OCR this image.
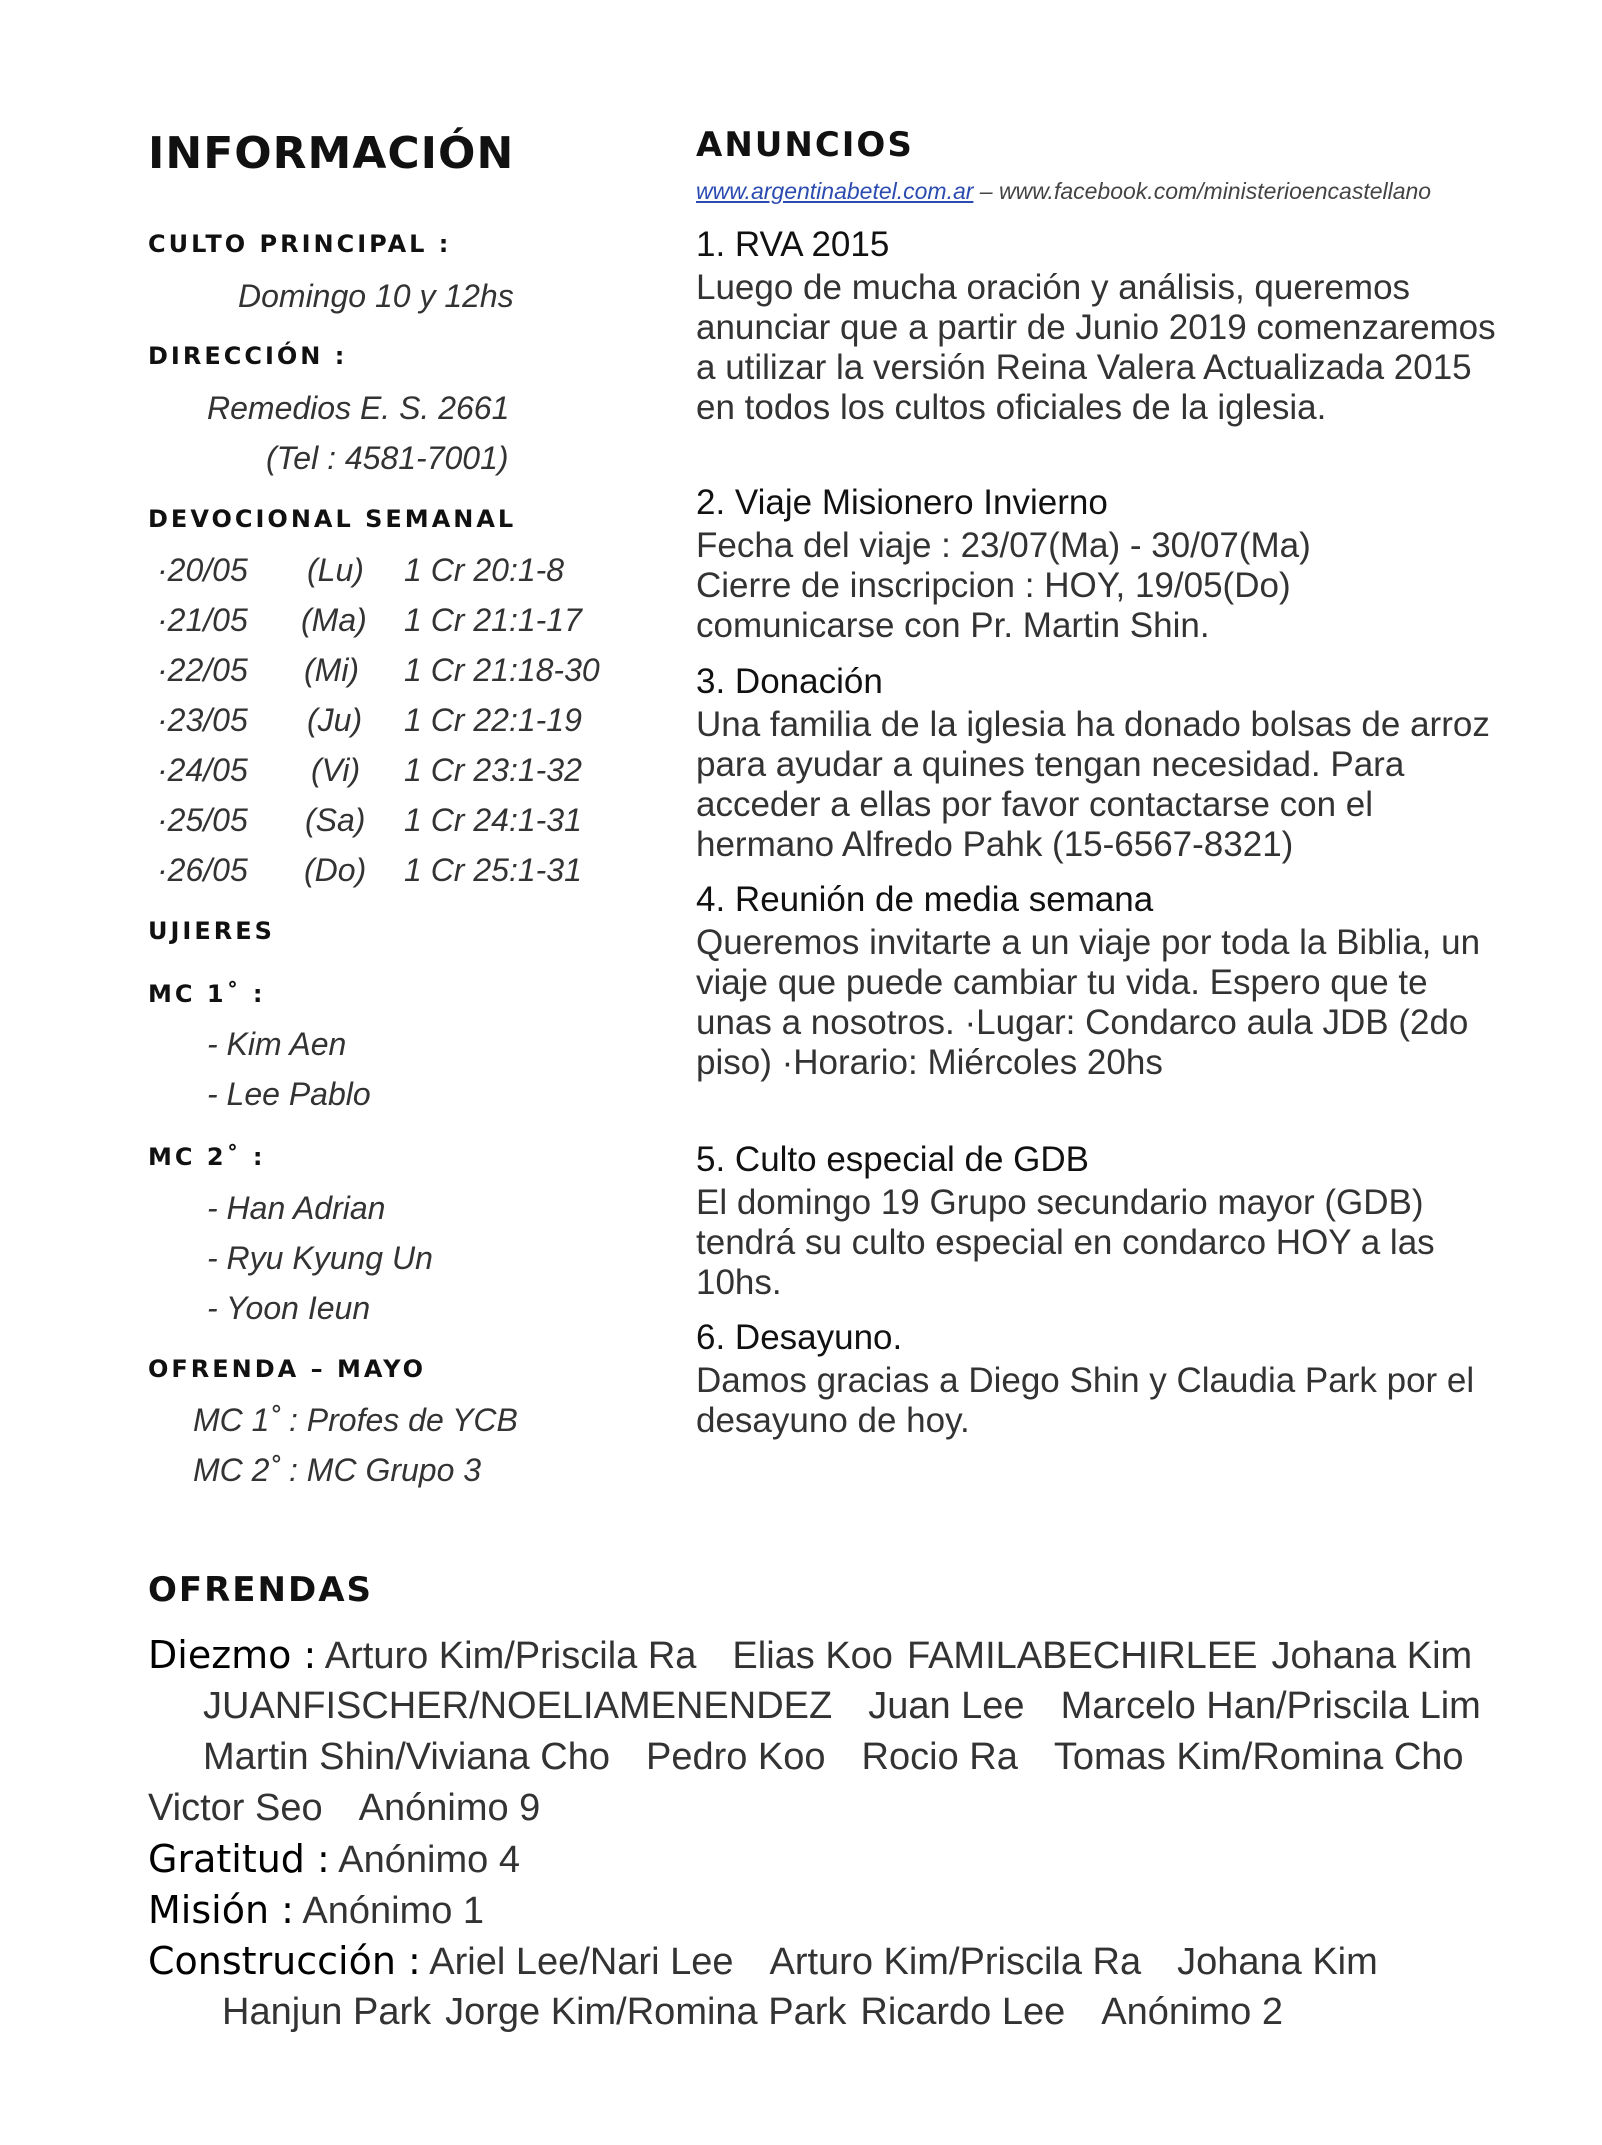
INFORMACIÓN
CULTO PRINCIPAL :
Domingo 10 y 12hs
DIRECCIÓN :
Remedios E. S. 2661
(Tel : 4581-7001)
DEVOCIONAL SEMANAL
·20/05 (Lu) 1 Cr 20:1-8
·21/05 (Ma) 1 Cr 21:1-17
·22/05 (Mi) 1 Cr 21:18-30
·23/05 (Ju) 1 Cr 22:1-19
·24/05 (Vi) 1 Cr 23:1-32
·25/05 (Sa) 1 Cr 24:1-31
·26/05 (Do) 1 Cr 25:1-31
UJIERES
MC 1˚ :
- Kim Aen
- Lee Pablo
MC 2˚ :
- Han Adrian
- Ryu Kyung Un
- Yoon Ieun
OFRENDA – MAYO
MC 1˚ : Profes de YCB
MC 2˚ : MC Grupo 3
ANUNCIOS
www.argentinabetel.com.ar – www.facebook.com/ministerioencastellano
1. RVA 2015
Luego de mucha oración y análisis, queremos anunciar que a partir de Junio 2019 comenzaremos a utilizar la versión Reina Valera Actualizada 2015 en todos los cultos oficiales de la iglesia.
2. Viaje Misionero Invierno
Fecha del viaje : 23/07(Ma) - 30/07(Ma) Cierre de inscripcion : HOY, 19/05(Do) comunicarse con Pr. Martin Shin.
3. Donación
Una familia de la iglesia ha donado bolsas de arroz para ayudar a quines tengan necesidad. Para acceder a ellas por favor contactarse con el hermano Alfredo Pahk (15-6567-8321)
4. Reunión de media semana
Queremos invitarte a un viaje por toda la Biblia, un viaje que puede cambiar tu vida. Espero que te unas a nosotros. ·Lugar: Condarco aula JDB (2do piso) ·Horario: Miércoles 20hs
5. Culto especial de GDB
El domingo 19 Grupo secundario mayor (GDB) tendrá su culto especial en condarco HOY a las 10hs.
6. Desayuno.
Damos gracias a Diego Shin y Claudia Park por el desayuno de hoy.
OFRENDAS
Diezmo : Arturo Kim/Priscila Ra Elias Koo FAMILABECHIRLEE Johana Kim
JUANFISCHER/NOELIAMENENDEZ Juan Lee Marcelo Han/Priscila Lim
Martin Shin/Viviana Cho Pedro Koo Rocio Ra Tomas Kim/Romina Cho
Victor Seo Anónimo 9
Gratitud : Anónimo 4
Misión : Anónimo 1
Construcción : Ariel Lee/Nari Lee Arturo Kim/Priscila Ra Johana Kim
Hanjun Park Jorge Kim/Romina Park Ricardo Lee Anónimo 2
